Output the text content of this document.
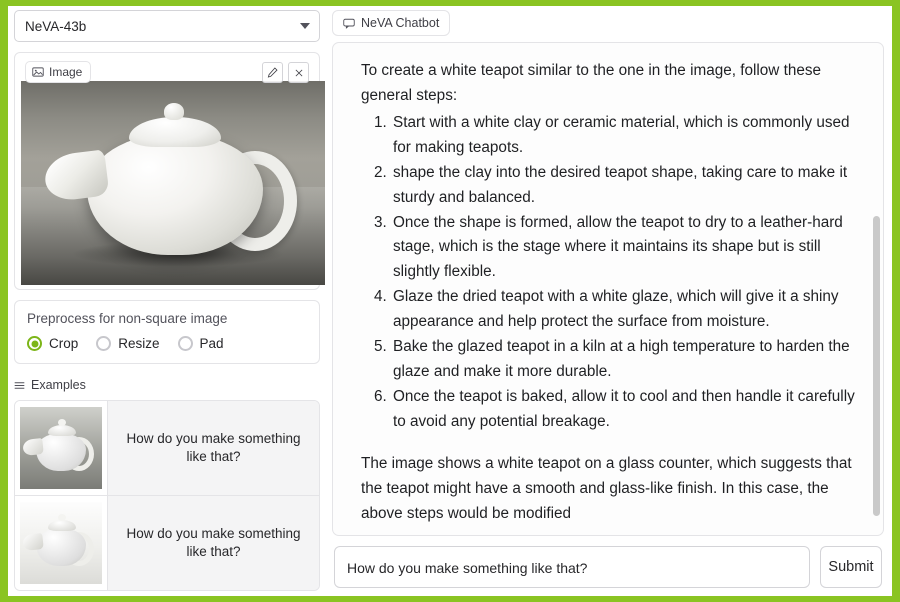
NeVA-43b
Image
Preprocess for non-square image
Crop	Resize	Pad
Examples
How do you make something like that?
How do you make something like that?
NeVA Chatbot

To create a white teapot similar to the one in the image, follow these general steps:

1. Start with a white clay or ceramic material, which is commonly used for making teapots.
2. shape the clay into the desired teapot shape, taking care to make it sturdy and balanced.
3. Once the shape is formed, allow the teapot to dry to a leather-hard stage, which is the stage where it maintains its shape but is still slightly flexible.
4. Glaze the dried teapot with a white glaze, which will give it a shiny appearance and help protect the surface from moisture.
5. Bake the glazed teapot in a kiln at a high temperature to harden the glaze and make it more durable.
6. Once the teapot is baked, allow it to cool and then handle it carefully to avoid any potential breakage.

The image shows a white teapot on a glass counter, which suggests that the teapot might have a smooth and glass-like finish. In this case, the above steps would be modified

How do you make something like that?	Submit
